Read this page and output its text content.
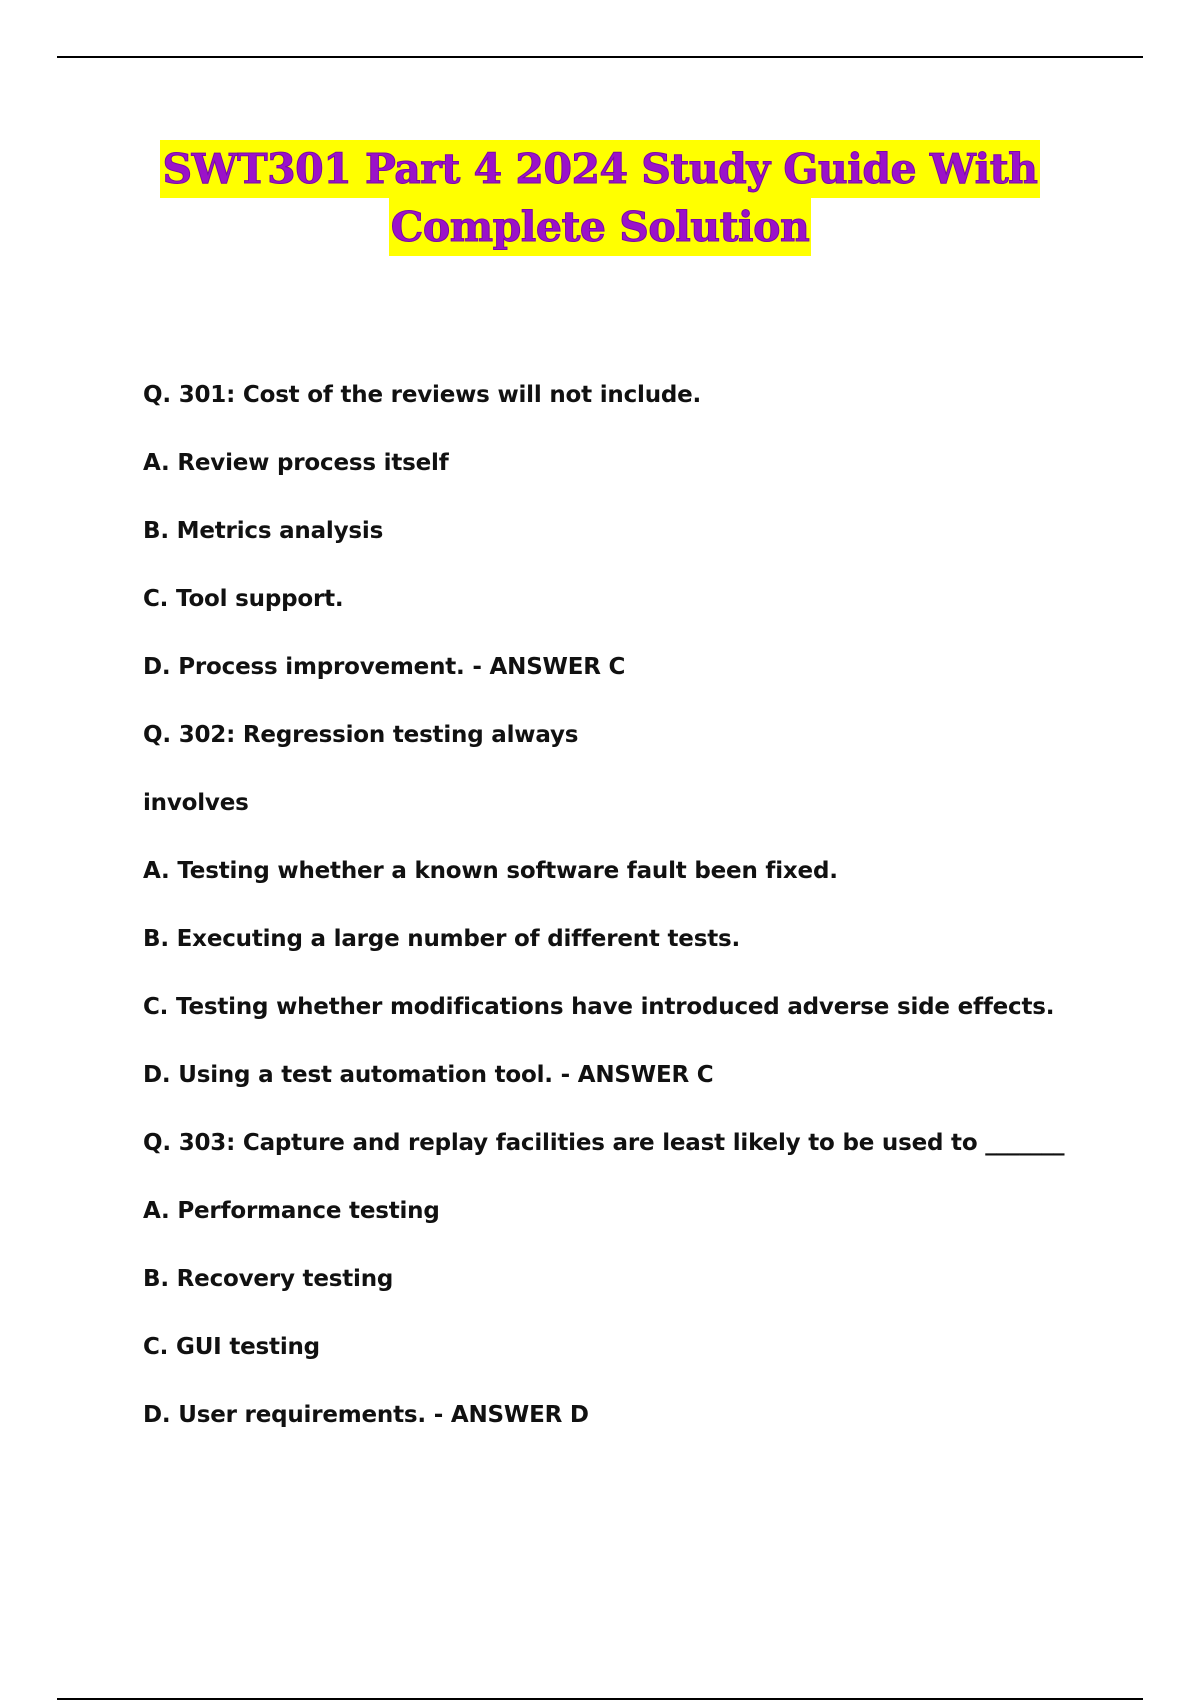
SWT301 Part 4 2024 Study Guide With
Complete Solution
Q. 301: Cost of the reviews will not include.
A. Review process itself
B. Metrics analysis
C. Tool support.
D. Process improvement. - ANSWER C
Q. 302: Regression testing always
involves
A. Testing whether a known software fault been fixed.
B. Executing a large number of different tests.
C. Testing whether modifications have introduced adverse side effects.
D. Using a test automation tool. - ANSWER C
Q. 303: Capture and replay facilities are least likely to be used to _______
A. Performance testing
B. Recovery testing
C. GUI testing
D. User requirements. - ANSWER D
